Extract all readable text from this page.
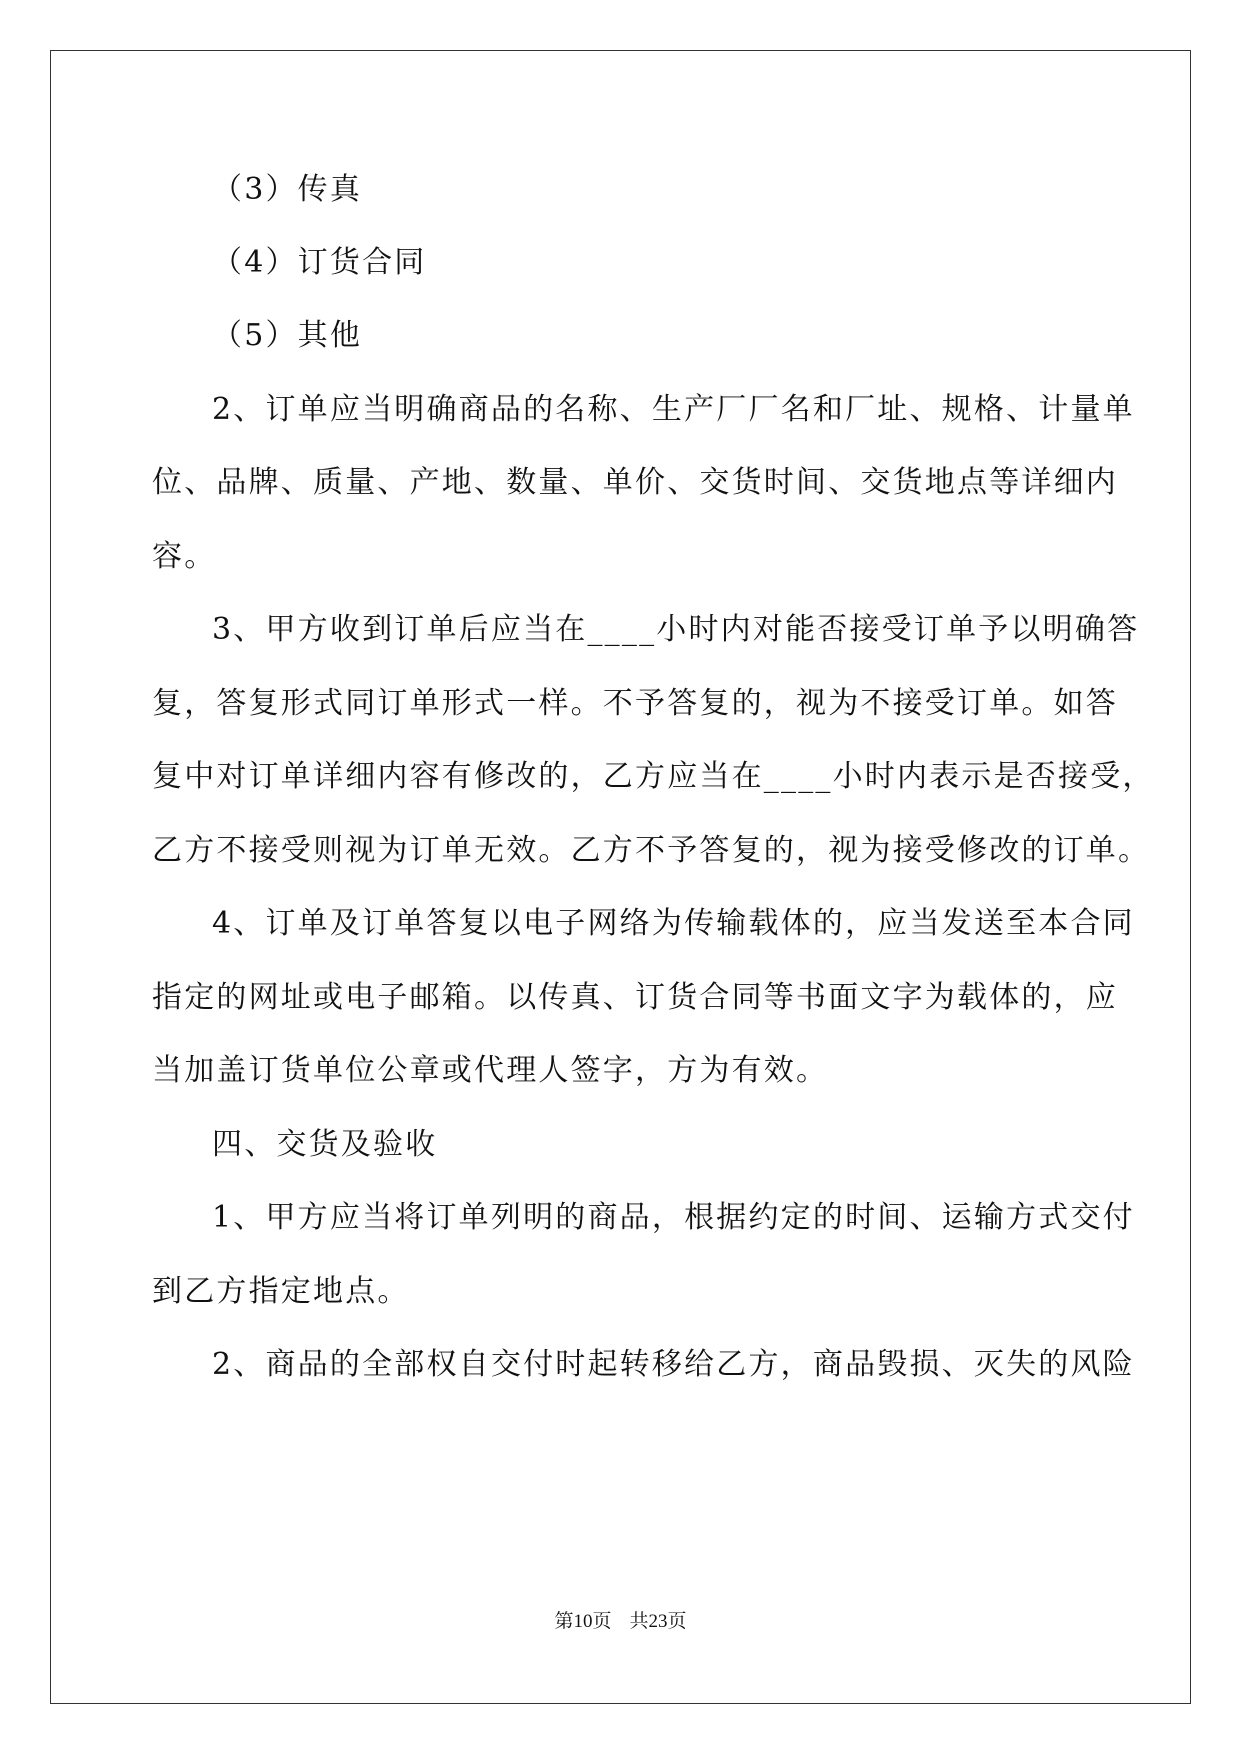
（3）传真
（4）订货合同
（5）其他
2、订单应当明确商品的名称、生产厂厂名和厂址、规格、计量单
位、品牌、质量、产地、数量、单价、交货时间、交货地点等详细内
容。
3、甲方收到订单后应当在____小时内对能否接受订单予以明确答
复，答复形式同订单形式一样。不予答复的，视为不接受订单。如答
复中对订单详细内容有修改的，乙方应当在____小时内表示是否接受，
乙方不接受则视为订单无效。乙方不予答复的，视为接受修改的订单。
4、订单及订单答复以电子网络为传输载体的，应当发送至本合同
指定的网址或电子邮箱。以传真、订货合同等书面文字为载体的，应
当加盖订货单位公章或代理人签字，方为有效。
四、交货及验收
1、甲方应当将订单列明的商品，根据约定的时间、运输方式交付
到乙方指定地点。
2、商品的全部权自交付时起转移给乙方，商品毁损、灭失的风险
第10页 共23页
